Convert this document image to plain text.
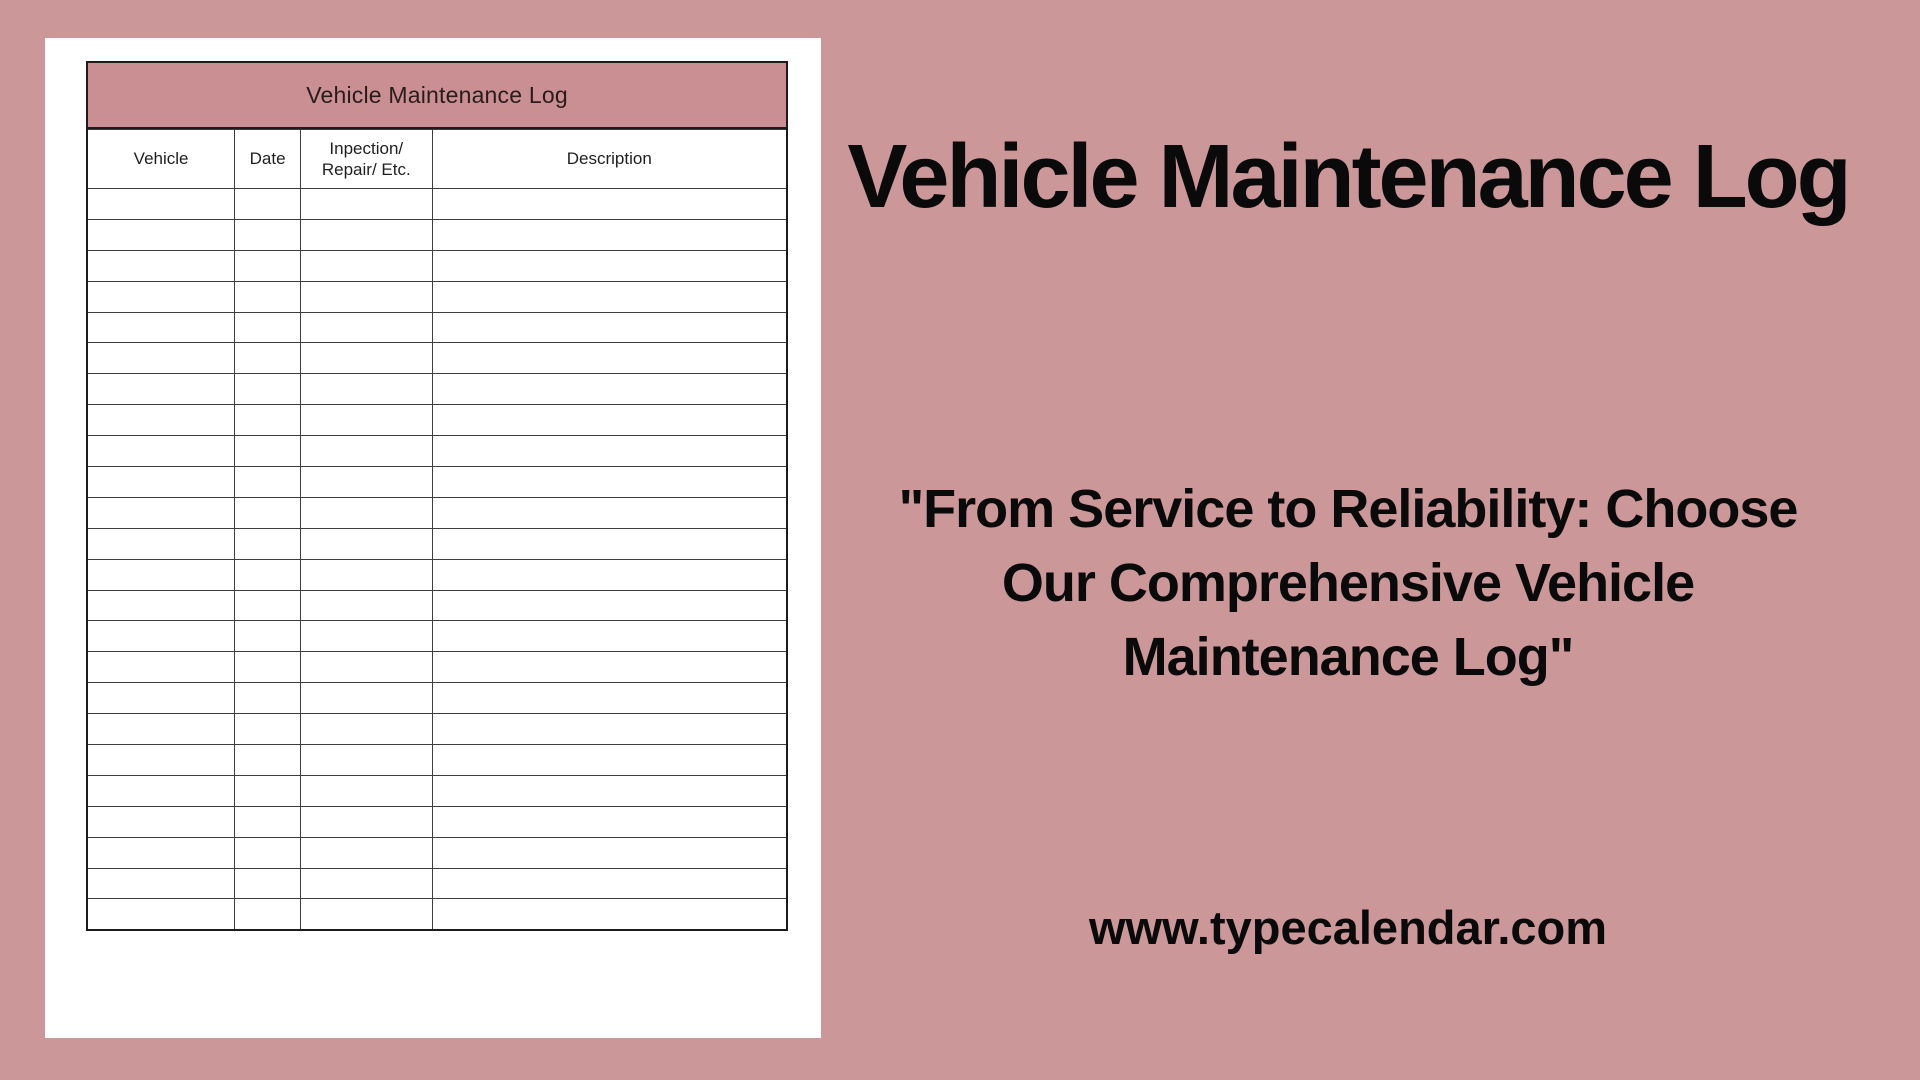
Vehicle Maintenance Log
Vehicle	Date	Inpection/ Repair/ Etc.	Description

			Vehicle Maintenance Log
"From Service to Reliability: Choose
Our Comprehensive Vehicle
Maintenance Log"
www.typecalendar.com
